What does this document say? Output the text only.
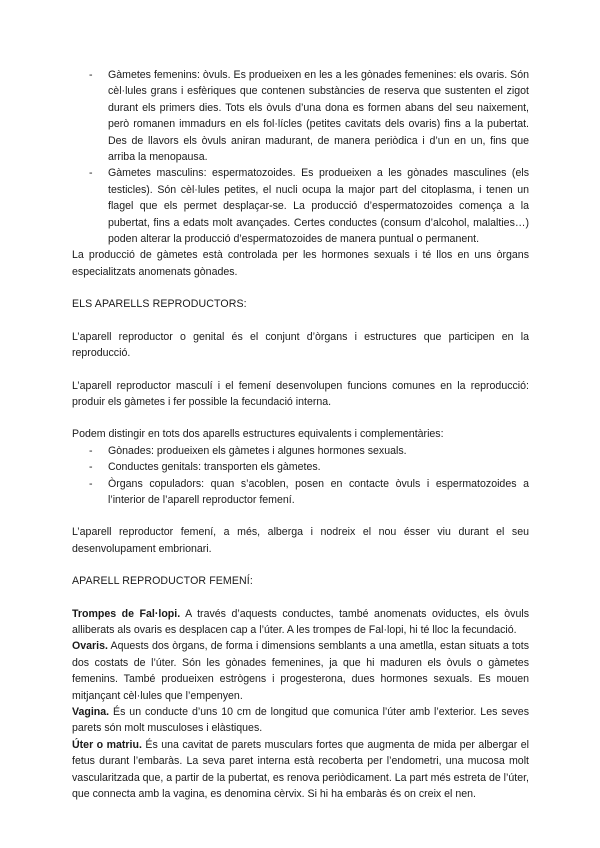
- Gàmetes femenins: òvuls. Es produeixen en les a les gònades femenines: els ovaris. Són cèl·lules grans i esfèriques que contenen substàncies de reserva que sustenten el zigot durant els primers dies. Tots els òvuls d’una dona es formen abans del seu naixement, però romanen immadurs en els fol·lícles (petites cavitats dels ovaris) fins a la pubertat. Des de llavors els òvuls aniran madurant, de manera periòdica i d’un en un, fins que arriba la menopausa.
- Gàmetes masculins: espermatozoides. Es produeixen a les gònades masculines (els testicles). Són cèl·lules petites, el nucli ocupa la major part del citoplasma, i tenen un flagel que els permet desplaçar-se. La producció d’espermatozoides comença a la pubertat, fins a edats molt avançades. Certes conductes (consum d’alcohol, malalties…) poden alterar la producció d’espermatozoides de manera puntual o permanent.

La producció de gàmetes està controlada per les hormones sexuals i té llos en uns òrgans especialitzats anomenats gònades.

ELS APARELLS REPRODUCTORS:

L’aparell reproductor o genital és el conjunt d’òrgans i estructures que participen en la reproducció.

L’aparell reproductor masculí i el femení desenvolupen funcions comunes en la reproducció: produir els gàmetes i fer possible la fecundació interna.

Podem distingir en tots dos aparells estructures equivalents i complementàries:

- Gònades: produeixen els gàmetes i algunes hormones sexuals.
- Conductes genitals: transporten els gàmetes.
- Òrgans copuladors: quan s’acoblen, posen en contacte òvuls i espermatozoides a l’interior de l’aparell reproductor femení.

L’aparell reproductor femení, a més, alberga i nodreix el nou ésser viu durant el seu desenvolupament embrionari.

APARELL REPRODUCTOR FEMENÍ:

Trompes de Fal·lopi. A través d’aquests conductes, també anomenats oviductes, els òvuls alliberats als ovaris es desplacen cap a l’úter. A les trompes de Fal·lopi, hi té lloc la fecundació.

Ovaris. Aquests dos òrgans, de forma i dimensions semblants a una ametlla, estan situats a tots dos costats de l’úter. Són les gònades femenines, ja que hi maduren els òvuls o gàmetes femenins. També produeixen estrògens i progesterona, dues hormones sexuals. Es mouen mitjançant cèl·lules que l’empenyen.

Vagina. És un conducte d’uns 10 cm de longitud que comunica l’úter amb l’exterior. Les seves parets són molt musculoses i elàstiques.

Úter o matriu. És una cavitat de parets musculars fortes que augmenta de mida per albergar el fetus durant l’embaràs. La seva paret interna està recoberta per l’endometri, una mucosa molt vascularitzada que, a partir de la pubertat, es renova periòdicament. La part més estreta de l’úter, que connecta amb la vagina, es denomina cèrvix. Si hi ha embaràs és on creix el nen.
